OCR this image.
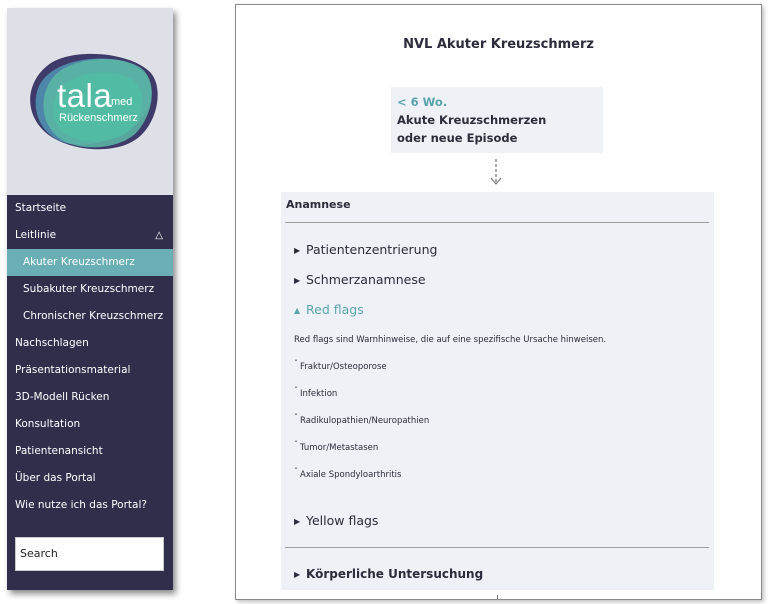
tala
med
Rückenschmerz
Startseite
Leitlinie	△
Akuter Kreuzschmerz
Subakuter Kreuzschmerz
Chronischer Kreuzschmerz
Nachschlagen
Präsentationsmaterial
3D-Modell Rücken
Konsultation
Patientenansicht
Über das Portal
Wie nutze ich das Portal?
Search
NVL Akuter Kreuzschmerz
< 6 Wo.
Akute Kreuzschmerzen oder neue Episode
Anamnese
▶ Patientenzentrierung
▶ Schmerzanamnese
▲ Red flags
Red flags sind Warnhinweise, die auf eine spezifische Ursache hinweisen.
ˇ Fraktur/Osteoporose
ˇ Infektion
ˇ Radikulopathien/Neuropathien
ˇ Tumor/Metastasen
ˇ Axiale Spondyloarthritis
▶ Yellow flags
▶ Körperliche Untersuchung
